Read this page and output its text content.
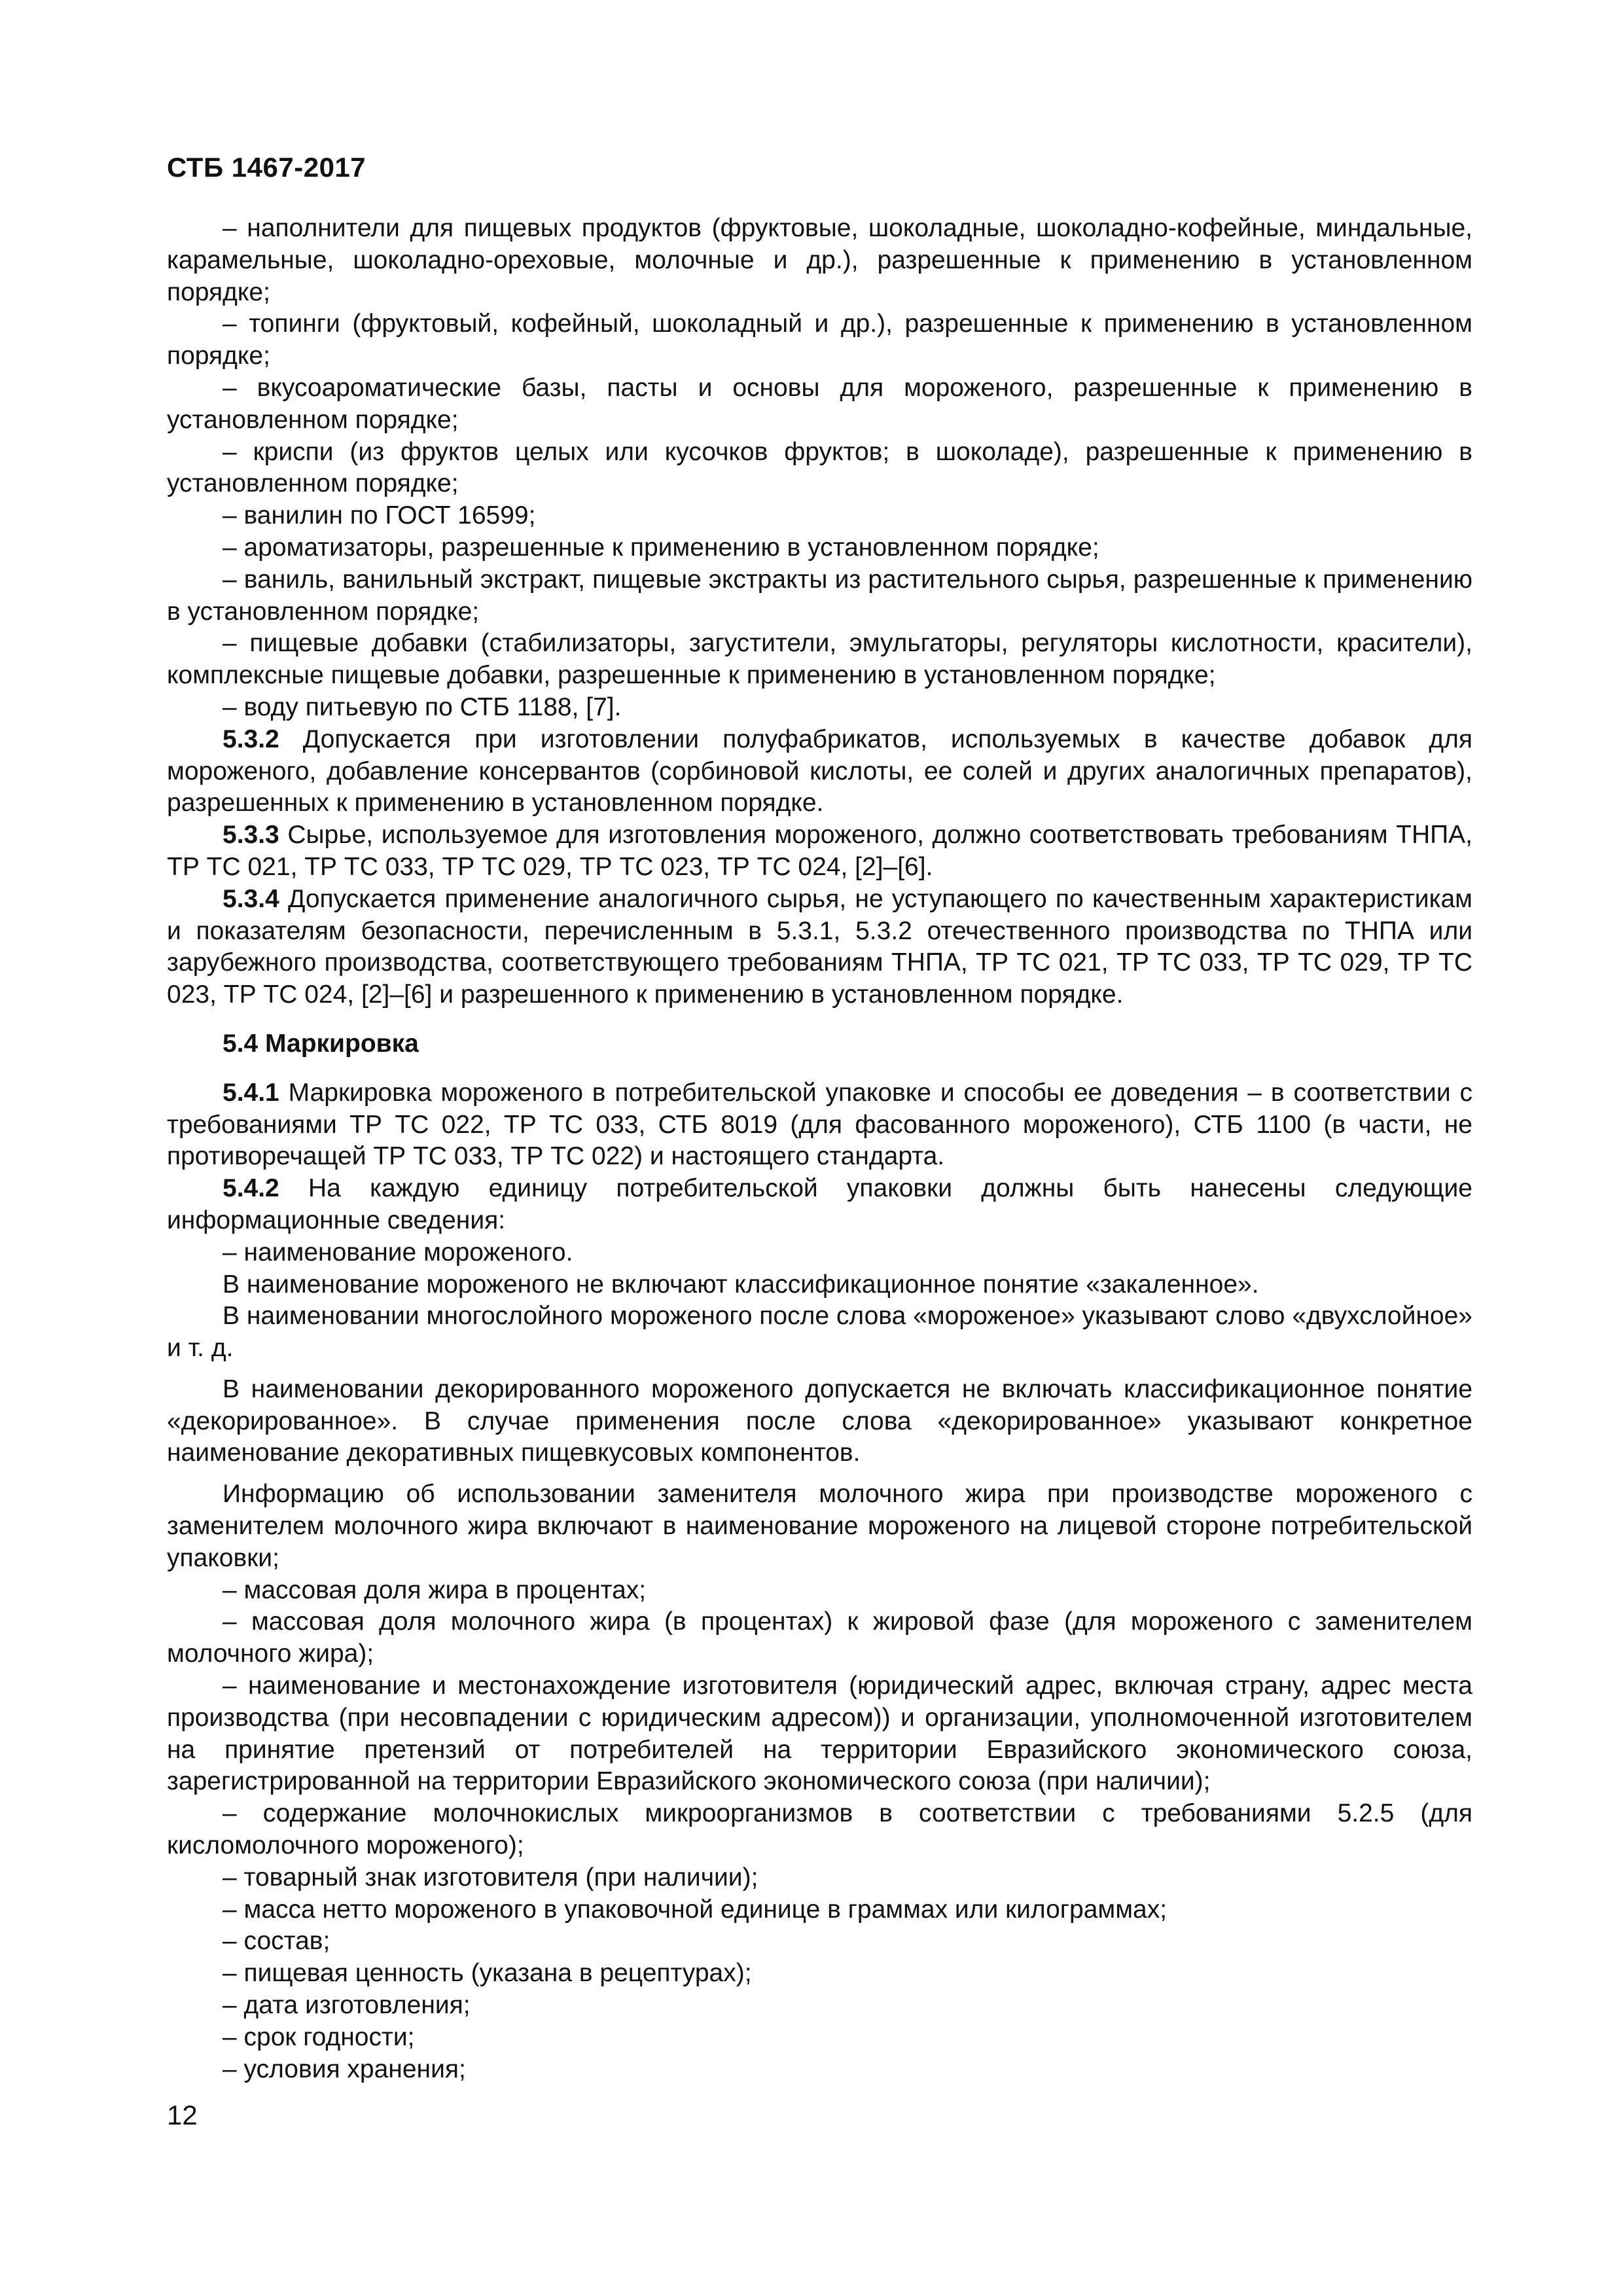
СТБ 1467-2017

– наполнители для пищевых продуктов (фруктовые, шоколадные, шоколадно-кофейные, миндальные, карамельные, шоколадно-ореховые, молочные и др.), разрешенные к применению в установленном порядке;

– топинги (фруктовый, кофейный, шоколадный и др.), разрешенные к применению в установленном порядке;

– вкусоароматические базы, пасты и основы для мороженого, разрешенные к применению в установленном порядке;

– криспи (из фруктов целых или кусочков фруктов; в шоколаде), разрешенные к применению в установленном порядке;

– ванилин по ГОСТ 16599;

– ароматизаторы, разрешенные к применению в установленном порядке;

– ваниль, ванильный экстракт, пищевые экстракты из растительного сырья, разрешенные к применению в установленном порядке;

– пищевые добавки (стабилизаторы, загустители, эмульгаторы, регуляторы кислотности, красители), комплексные пищевые добавки, разрешенные к применению в установленном порядке;

– воду питьевую по СТБ 1188, [7].

5.3.2 Допускается при изготовлении полуфабрикатов, используемых в качестве добавок для мороженого, добавление консервантов (сорбиновой кислоты, ее солей и других аналогичных препаратов), разрешенных к применению в установленном порядке.

5.3.3 Сырье, используемое для изготовления мороженого, должно соответствовать требованиям ТНПА, ТР ТС 021, ТР ТС 033, ТР ТС 029, ТР ТС 023, ТР ТС 024, [2]–[6].

5.3.4 Допускается применение аналогичного сырья, не уступающего по качественным характеристикам и показателям безопасности, перечисленным в 5.3.1, 5.3.2 отечественного производства по ТНПА или зарубежного производства, соответствующего требованиям ТНПА, ТР ТС 021, ТР ТС 033, ТР ТС 029, ТР ТС 023, ТР ТС 024, [2]–[6] и разрешенного к применению в установленном порядке.

5.4 Маркировка

5.4.1 Маркировка мороженого в потребительской упаковке и способы ее доведения – в соответствии с требованиями ТР ТС 022, ТР ТС 033, СТБ 8019 (для фасованного мороженого), СТБ 1100 (в части, не противоречащей ТР ТС 033, ТР ТС 022) и настоящего стандарта.

5.4.2 На каждую единицу потребительской упаковки должны быть нанесены следующие информационные сведения:

– наименование мороженого.

В наименование мороженого не включают классификационное понятие «закаленное».

В наименовании многослойного мороженого после слова «мороженое» указывают слово «двухслойное» и т. д.

В наименовании декорированного мороженого допускается не включать классификационное понятие «декорированное». В случае применения после слова «декорированное» указывают конкретное наименование декоративных пищевкусовых компонентов.

Информацию об использовании заменителя молочного жира при производстве мороженого с заменителем молочного жира включают в наименование мороженого на лицевой стороне потребительской упаковки;

– массовая доля жира в процентах;

– массовая доля молочного жира (в процентах) к жировой фазе (для мороженого с заменителем молочного жира);

– наименование и местонахождение изготовителя (юридический адрес, включая страну, адрес места производства (при несовпадении с юридическим адресом)) и организации, уполномоченной изготовителем на принятие претензий от потребителей на территории Евразийского экономического союза, зарегистрированной на территории Евразийского экономического союза (при наличии);

– содержание молочнокислых микроорганизмов в соответствии с требованиями 5.2.5 (для кисломолочного мороженого);

– товарный знак изготовителя (при наличии);

– масса нетто мороженого в упаковочной единице в граммах или килограммах;

– состав;

– пищевая ценность (указана в рецептурах);

– дата изготовления;

– срок годности;

– условия хранения;

12
